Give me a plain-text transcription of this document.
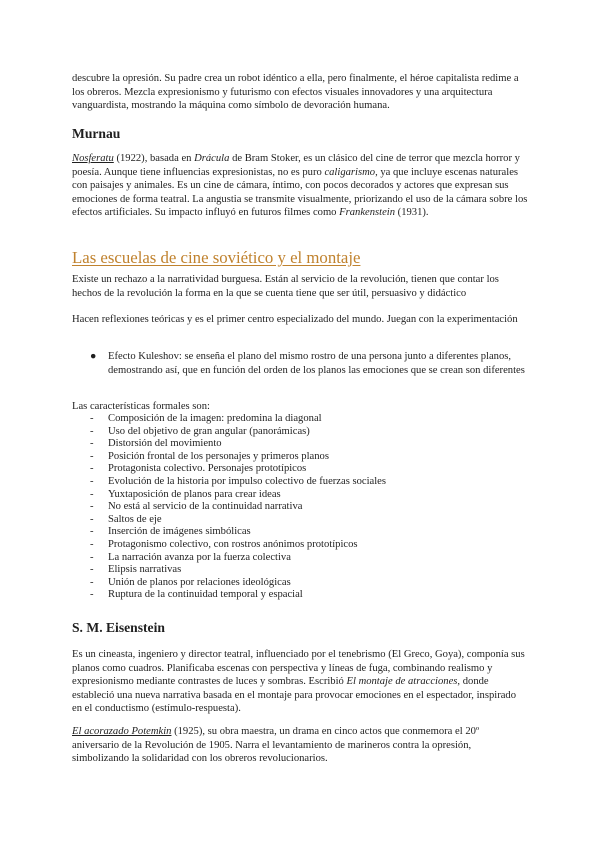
descubre la opresión. Su padre crea un robot idéntico a ella, pero finalmente, el héroe capitalista redime a los obreros. Mezcla expresionismo y futurismo con efectos visuales innovadores y una arquitectura vanguardista, mostrando la máquina como símbolo de devoración humana.

Murnau

Nosferatu (1922), basada en Drácula de Bram Stoker, es un clásico del cine de terror que mezcla horror y poesía. Aunque tiene influencias expresionistas, no es puro caligarismo, ya que incluye escenas naturales con paisajes y animales. Es un cine de cámara, íntimo, con pocos decorados y actores que expresan sus emociones de forma teatral. La angustia se transmite visualmente, priorizando el uso de la cámara sobre los efectos artificiales. Su impacto influyó en futuros filmes como Frankenstein (1931).

Las escuelas de cine soviético y el montaje

Existe un rechazo a la narratividad burguesa. Están al servicio de la revolución, tienen que contar los hechos de la revolución la forma en la que se cuenta tiene que ser útil, persuasivo y didáctico

Hacen reflexiones teóricas y es el primer centro especializado del mundo. Juegan con la experimentación

● Efecto Kuleshov: se enseña el plano del mismo rostro de una persona junto a diferentes planos, demostrando así, que en función del orden de los planos las emociones que se crean son diferentes

Las características formales son:

- Composición de la imagen: predomina la diagonal
- Uso del objetivo de gran angular (panorámicas)
- Distorsión del movimiento
- Posición frontal de los personajes y primeros planos
- Protagonista colectivo. Personajes prototípicos
- Evolución de la historia por impulso colectivo de fuerzas sociales
- Yuxtaposición de planos para crear ideas
- No está al servicio de la continuidad narrativa
- Saltos de eje
- Inserción de imágenes simbólicas
- Protagonismo colectivo, con rostros anónimos prototípicos
- La narración avanza por la fuerza colectiva
- Elipsis narrativas
- Unión de planos por relaciones ideológicas
- Ruptura de la continuidad temporal y espacial
S. M. Eisenstein

Es un cineasta, ingeniero y director teatral, influenciado por el tenebrismo (El Greco, Goya), componía sus planos como cuadros. Planificaba escenas con perspectiva y líneas de fuga, combinando realismo y expresionismo mediante contrastes de luces y sombras. Escribió El montaje de atracciones, donde estableció una nueva narrativa basada en el montaje para provocar emociones en el espectador, inspirado en el conductismo (estímulo-respuesta).

El acorazado Potemkin (1925), su obra maestra, un drama en cinco actos que conmemora el 20º aniversario de la Revolución de 1905. Narra el levantamiento de marineros contra la opresión, simbolizando la solidaridad con los obreros revolucionarios.
